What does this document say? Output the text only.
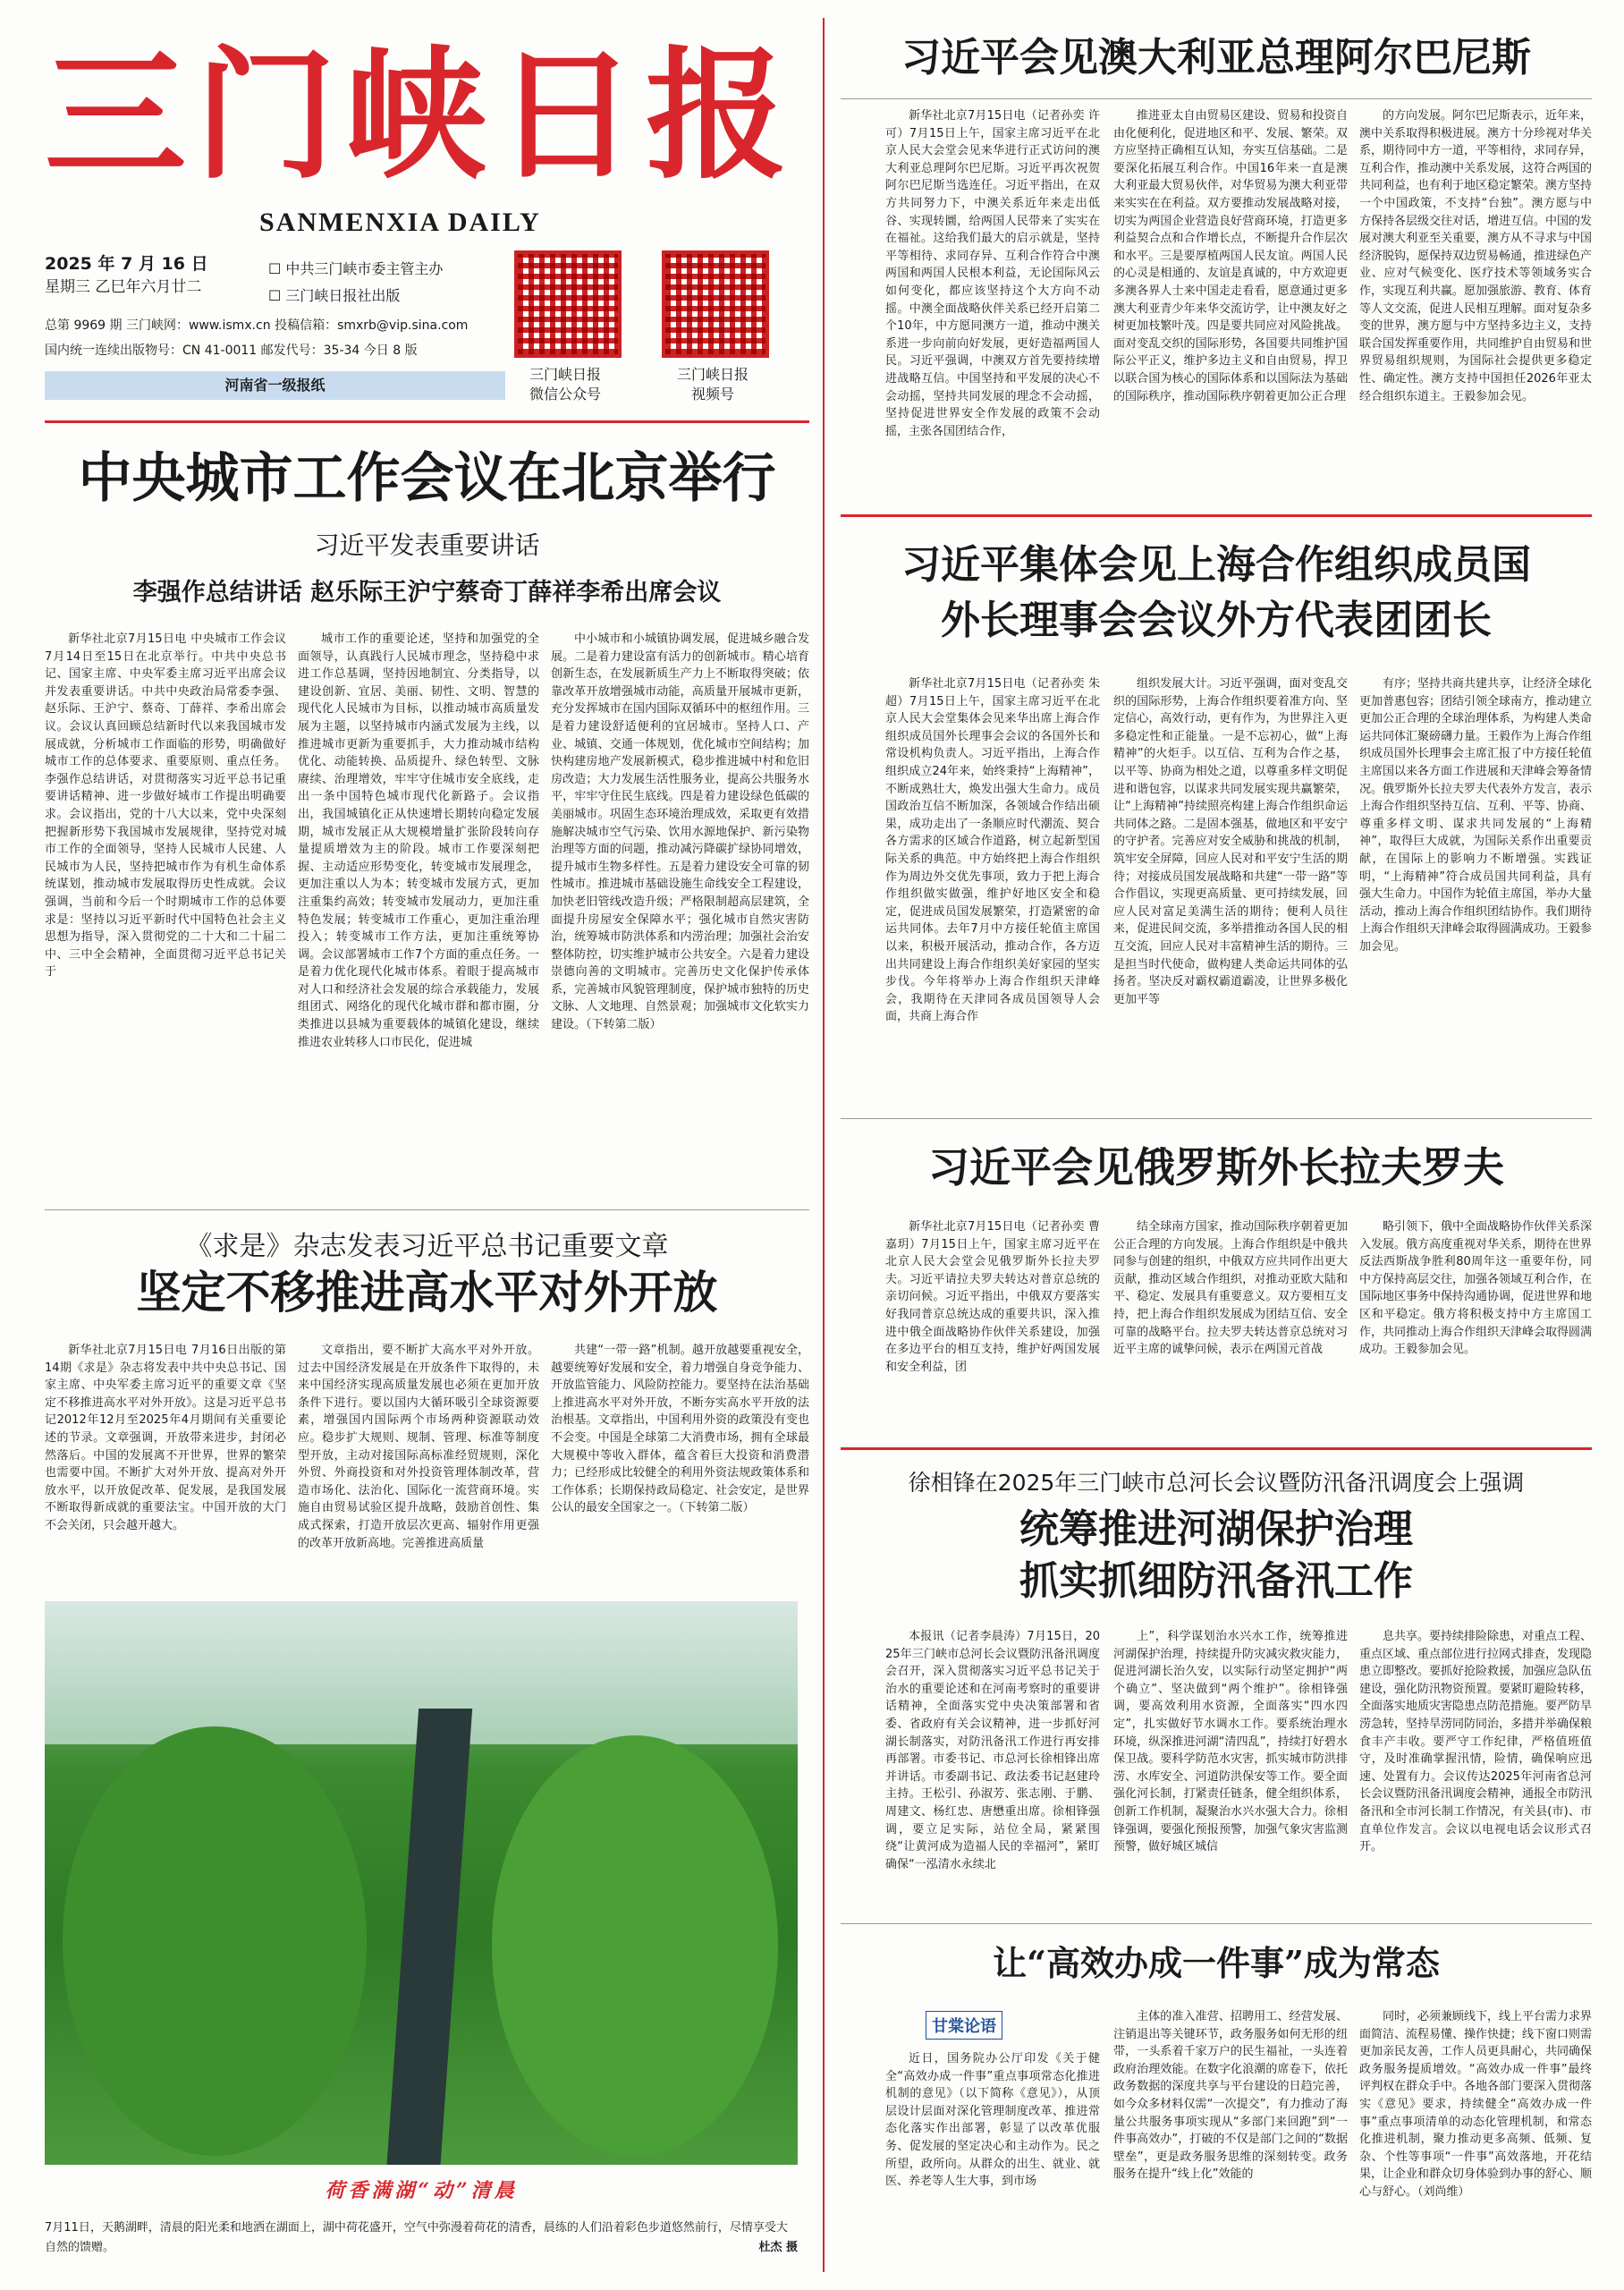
三门峡日报
SANMENXIA DAILY
2025 年 7 月 16 日
星期三 乙巳年六月廿二
☐ 中共三门峡市委主管主办
☐ 三门峡日报社出版
总第 9969 期 三门峡网：www.ismx.cn 投稿信箱：smxrb@vip.sina.com
国内统一连续出版物号：CN 41-0011 邮发代号：35-34 今日 8 版
河南省一级报纸
三门峡日报
微信公众号
三门峡日报
视频号
中央城市工作会议在北京举行
习近平发表重要讲话
李强作总结讲话 赵乐际王沪宁蔡奇丁薛祥李希出席会议

新华社北京7月15日电 中央城市工作会议7月14日至15日在北京举行。中共中央总书记、国家主席、中央军委主席习近平出席会议并发表重要讲话。中共中央政治局常委李强、赵乐际、王沪宁、蔡奇、丁薛祥、李希出席会议。会议认真回顾总结新时代以来我国城市发展成就，分析城市工作面临的形势，明确做好城市工作的总体要求、重要原则、重点任务。李强作总结讲话，对贯彻落实习近平总书记重要讲话精神、进一步做好城市工作提出明确要求。会议指出，党的十八大以来，党中央深刻把握新形势下我国城市发展规律，坚持党对城市工作的全面领导，坚持人民城市人民建、人民城市为人民，坚持把城市作为有机生命体系统谋划，推动城市发展取得历史性成就。会议强调，当前和今后一个时期城市工作的总体要求是：坚持以习近平新时代中国特色社会主义思想为指导，深入贯彻党的二十大和二十届二中、三中全会精神，全面贯彻习近平总书记关于

城市工作的重要论述，坚持和加强党的全面领导，认真践行人民城市理念，坚持稳中求进工作总基调，坚持因地制宜、分类指导，以建设创新、宜居、美丽、韧性、文明、智慧的现代化人民城市为目标，以推动城市高质量发展为主题，以坚持城市内涵式发展为主线，以推进城市更新为重要抓手，大力推动城市结构优化、动能转换、品质提升、绿色转型、文脉赓续、治理增效，牢牢守住城市安全底线，走出一条中国特色城市现代化新路子。会议指出，我国城镇化正从快速增长期转向稳定发展期，城市发展正从大规模增量扩张阶段转向存量提质增效为主的阶段。城市工作要深刻把握、主动适应形势变化，转变城市发展理念，更加注重以人为本；转变城市发展方式，更加注重集约高效；转变城市发展动力，更加注重特色发展；转变城市工作重心，更加注重治理投入；转变城市工作方法，更加注重统筹协调。会议部署城市工作7个方面的重点任务。一是着力优化现代化城市体系。着眼于提高城市对人口和经济社会发展的综合承载能力，发展组团式、网络化的现代化城市群和都市圈，分类推进以县城为重要载体的城镇化建设，继续推进农业转移人口市民化，促进城

中小城市和小城镇协调发展，促进城乡融合发展。二是着力建设富有活力的创新城市。精心培育创新生态，在发展新质生产力上不断取得突破；依靠改革开放增强城市动能，高质量开展城市更新，充分发挥城市在国内国际双循环中的枢纽作用。三是着力建设舒适便利的宜居城市。坚持人口、产业、城镇、交通一体规划，优化城市空间结构；加快构建房地产发展新模式，稳步推进城中村和危旧房改造；大力发展生活性服务业，提高公共服务水平，牢牢守住民生底线。四是着力建设绿色低碳的美丽城市。巩固生态环境治理成效，采取更有效措施解决城市空气污染、饮用水源地保护、新污染物治理等方面的问题，推动减污降碳扩绿协同增效，提升城市生物多样性。五是着力建设安全可靠的韧性城市。推进城市基础设施生命线安全工程建设，加快老旧管线改造升级；严格限制超高层建筑，全面提升房屋安全保障水平；强化城市自然灾害防治，统筹城市防洪体系和内涝治理；加强社会治安整体防控，切实维护城市公共安全。六是着力建设崇德向善的文明城市。完善历史文化保护传承体系，完善城市风貌管理制度，保护城市独特的历史文脉、人文地理、自然景观；加强城市文化软实力建设。（下转第二版）

《求是》杂志发表习近平总书记重要文章
坚定不移推进高水平对外开放

新华社北京7月15日电 7月16日出版的第14期《求是》杂志将发表中共中央总书记、国家主席、中央军委主席习近平的重要文章《坚定不移推进高水平对外开放》。这是习近平总书记2012年12月至2025年4月期间有关重要论述的节录。文章强调，开放带来进步，封闭必然落后。中国的发展离不开世界，世界的繁荣也需要中国。不断扩大对外开放、提高对外开放水平，以开放促改革、促发展，是我国发展不断取得新成就的重要法宝。中国开放的大门不会关闭，只会越开越大。

文章指出，要不断扩大高水平对外开放。过去中国经济发展是在开放条件下取得的，未来中国经济实现高质量发展也必须在更加开放条件下进行。要以国内大循环吸引全球资源要素，增强国内国际两个市场两种资源联动效应。稳步扩大规则、规制、管理、标准等制度型开放，主动对接国际高标准经贸规则，深化外贸、外商投资和对外投资管理体制改革，营造市场化、法治化、国际化一流营商环境。实施自由贸易试验区提升战略，鼓励首创性、集成式探索，打造开放层次更高、辐射作用更强的改革开放新高地。完善推进高质量

共建“一带一路”机制。越开放越要重视安全，越要统筹好发展和安全，着力增强自身竞争能力、开放监管能力、风险防控能力。要坚持在法治基础上推进高水平对外开放，不断夯实高水平开放的法治根基。文章指出，中国利用外资的政策没有变也不会变。中国是全球第二大消费市场，拥有全球最大规模中等收入群体，蕴含着巨大投资和消费潜力；已经形成比较健全的利用外资法规政策体系和工作体系；长期保持政局稳定、社会安定，是世界公认的最安全国家之一。（下转第二版）

荷香满湖“动”清晨
7月11日，天鹅湖畔，清晨的阳光柔和地洒在湖面上，湖中荷花盛开，空气中弥漫着荷花的清香，晨练的人们沿着彩色步道悠然前行，尽情享受大自然的馈赠。	杜杰 摄
习近平会见澳大利亚总理阿尔巴尼斯

新华社北京7月15日电（记者孙奕 许可）7月15日上午，国家主席习近平在北京人民大会堂会见来华进行正式访问的澳大利亚总理阿尔巴尼斯。习近平再次祝贺阿尔巴尼斯当选连任。习近平指出，在双方共同努力下，中澳关系近年来走出低谷、实现转圜，给两国人民带来了实实在在福祉。这给我们最大的启示就是，坚持平等相待、求同存异、互利合作符合中澳两国和两国人民根本利益，无论国际风云如何变化，都应该坚持这个大方向不动摇。中澳全面战略伙伴关系已经开启第二个10年，中方愿同澳方一道，推动中澳关系进一步向前向好发展，更好造福两国人民。习近平强调，中澳双方首先要持续增进战略互信。中国坚持和平发展的决心不会动摇，坚持共同发展的理念不会动摇，坚持促进世界安全作发展的政策不会动摇，主张各国团结合作，

推进亚太自由贸易区建设、贸易和投资自由化便利化，促进地区和平、发展、繁荣。双方应坚持正确相互认知，夯实互信基础。二是要深化拓展互利合作。中国16年来一直是澳大利亚最大贸易伙伴，对华贸易为澳大利亚带来实实在在利益。双方要推动发展战略对接，切实为两国企业营造良好营商环境，打造更多利益契合点和合作增长点，不断提升合作层次和水平。三是要厚植两国人民友谊。两国人民的心灵是相通的、友谊是真诚的，中方欢迎更多澳各界人士来中国走走看看，愿意通过更多澳大利亚青少年来华交流访学，让中澳友好之树更加枝繁叶茂。四是要共同应对风险挑战。面对变乱交织的国际形势，各国要共同维护国际公平正义，维护多边主义和自由贸易，捍卫以联合国为核心的国际体系和以国际法为基础的国际秩序，推动国际秩序朝着更加公正合理

的方向发展。阿尔巴尼斯表示，近年来，澳中关系取得积极进展。澳方十分珍视对华关系，期待同中方一道，平等相待，求同存异，互利合作，推动澳中关系发展，这符合两国的共同利益，也有利于地区稳定繁荣。澳方坚持一个中国政策，不支持“台独”。澳方愿与中方保持各层级交往对话，增进互信。中国的发展对澳大利亚至关重要，澳方从不寻求与中国经济脱钩，愿保持双边贸易畅通，推进绿色产业、应对气候变化、医疗技术等领域务实合作，实现互利共赢。愿加强旅游、教育、体育等人文交流，促进人民相互理解。面对复杂多变的世界，澳方愿与中方坚持多边主义，支持联合国发挥重要作用，共同维护自由贸易和世界贸易组织规则，为国际社会提供更多稳定性、确定性。澳方支持中国担任2026年亚太经合组织东道主。王毅参加会见。

习近平集体会见上海合作组织成员国
外长理事会会议外方代表团团长

新华社北京7月15日电（记者孙奕 朱超）7月15日上午，国家主席习近平在北京人民大会堂集体会见来华出席上海合作组织成员国外长理事会会议的各国外长和常设机构负责人。习近平指出，上海合作组织成立24年来，始终秉持“上海精神”，不断成熟壮大，焕发出强大生命力。成员国政治互信不断加深，各领域合作结出硕果，成功走出了一条顺应时代潮流、契合各方需求的区域合作道路，树立起新型国际关系的典范。中方始终把上海合作组织作为周边外交优先事项，致力于把上海合作组织做实做强，维护好地区安全和稳定，促进成员国发展繁荣，打造紧密的命运共同体。去年7月中方接任轮值主席国以来，积极开展活动，推动合作，各方迈出共同建设上海合作组织美好家园的坚实步伐。今年将举办上海合作组织天津峰会，我期待在天津同各成员国领导人会面，共商上海合作

组织发展大计。习近平强调，面对变乱交织的国际形势，上海合作组织要着准方向、坚定信心，高效行动，更有作为，为世界注入更多稳定性和正能量。一是不忘初心，做“上海精神”的火炬手。以互信、互利为合作之基，以平等、协商为相处之道，以尊重多样文明促进和谐包容，以谋求共同发展实现共赢繁荣，让“上海精神”持续照亮构建上海合作组织命运共同体之路。二是固本强基，做地区和平安宁的守护者。完善应对安全威胁和挑战的机制，筑牢安全屏障，回应人民对和平安宁生活的期待；对接成员国发展战略和共建“一带一路”等合作倡议，实现更高质量、更可持续发展，回应人民对富足美满生活的期待；便利人员往来，促进民间交流，多举措推动各国人民的相互交流，回应人民对丰富精神生活的期待。三是担当时代使命，做构建人类命运共同体的弘扬者。坚决反对霸权霸道霸凌，让世界多极化更加平等

有序；坚持共商共建共享，让经济全球化更加普惠包容；团结引领全球南方，推动建立更加公正合理的全球治理体系，为构建人类命运共同体汇聚磅礴力量。王毅作为上海合作组织成员国外长理事会主席汇报了中方接任轮值主席国以来各方面工作进展和天津峰会筹备情况。俄罗斯外长拉夫罗夫代表外方发言，表示上海合作组织坚持互信、互利、平等、协商、尊重多样文明、谋求共同发展的“上海精神”，取得巨大成就，为国际关系作出重要贡献，在国际上的影响力不断增强。实践证明，“上海精神”符合成员国共同利益，具有强大生命力。中国作为轮值主席国，举办大量活动，推动上海合作组织团结协作。我们期待上海合作组织天津峰会取得圆满成功。王毅参加会见。

习近平会见俄罗斯外长拉夫罗夫

新华社北京7月15日电（记者孙奕 曹嘉玥）7月15日上午，国家主席习近平在北京人民大会堂会见俄罗斯外长拉夫罗夫。习近平请拉夫罗夫转达对普京总统的亲切问候。习近平指出，中俄双方要落实好我同普京总统达成的重要共识，深入推进中俄全面战略协作伙伴关系建设，加强在多边平台的相互支持，维护好两国发展和安全利益，团

结全球南方国家，推动国际秩序朝着更加公正合理的方向发展。上海合作组织是中俄共同参与创建的组织，中俄双方应共同作出更大贡献，推动区域合作组织，对推动亚欧大陆和平、稳定、发展具有重要意义。双方要相互支持，把上海合作组织发展成为团结互信、安全可靠的战略平台。拉夫罗夫转达普京总统对习近平主席的诚挚问候，表示在两国元首战

略引领下，俄中全面战略协作伙伴关系深入发展。俄方高度重视对华关系，期待在世界反法西斯战争胜利80周年这一重要年份，同中方保持高层交往，加强各领域互利合作，在国际地区事务中保持沟通协调，促进世界和地区和平稳定。俄方将积极支持中方主席国工作，共同推动上海合作组织天津峰会取得圆满成功。王毅参加会见。

徐相锋在2025年三门峡市总河长会议暨防汛备汛调度会上强调
统筹推进河湖保护治理
抓实抓细防汛备汛工作

本报讯（记者李晨涛）7月15日，2025年三门峡市总河长会议暨防汛备汛调度会召开，深入贯彻落实习近平总书记关于治水的重要论述和在河南考察时的重要讲话精神，全面落实党中央决策部署和省委、省政府有关会议精神，进一步抓好河湖长制落实，对防汛备汛工作进行再安排再部署。市委书记、市总河长徐相锋出席并讲话。市委副书记、政法委书记赵建玲主持。王松引、孙淑芳、张志刚、于鹏、周建文、杨红忠、唐懋重出席。徐相锋强调，要立足实际，站位全局，紧紧围绕“让黄河成为造福人民的幸福河”，紧盯确保“一泓清水永续北

上”，科学谋划治水兴水工作，统筹推进河湖保护治理，持续提升防灾减灾救灾能力，促进河湖长治久安，以实际行动坚定拥护“两个确立”、坚决做到“两个维护”。徐相锋强调，要高效利用水资源，全面落实“四水四定”，扎实做好节水调水工作。要系统治理水环境，纵深推进河湖“清四乱”，持续打好碧水保卫战。要科学防范水灾害，抓实城市防洪排涝、水库安全、河道防洪保安等工作。要全面强化河长制，打紧责任链条，健全组织体系，创新工作机制，凝聚治水兴水强大合力。徐相锋强调，要强化预报预警，加强气象灾害监测预警，做好城区城信

息共享。要持续排险除患，对重点工程、重点区域、重点部位进行拉网式排查，发现隐患立即整改。要抓好抢险救援，加强应急队伍建设，强化防汛物资预置。要紧盯避险转移，全面落实地质灾害隐患点防范措施。要严防旱涝急转，坚持旱涝同防同治，多措并举确保粮食丰产丰收。要严守工作纪律，严格值班值守，及时准确掌握汛情，险情，确保响应迅速、处置有力。会议传达2025年河南省总河长会议暨防汛备汛调度会精神，通报全市防汛备汛和全市河长制工作情况，有关县(市)、市直单位作发言。会议以电视电话会议形式召开。

让“高效办成一件事”成为常态
甘棠论语

近日，国务院办公厅印发《关于健全“高效办成一件事”重点事项常态化推进机制的意见》（以下简称《意见》），从顶层设计层面对深化管理制度改革、推进常态化落实作出部署，彰显了以改革优服务、促发展的坚定决心和主动作为。民之所望，政所向。从群众的出生、就业、就医、养老等人生大事，到市场

主体的准入准营、招聘用工、经营发展、注销退出等关键环节，政务服务如何无形的纽带，一头系着千家万户的民生福祉，一头连着政府治理效能。在数字化浪潮的席卷下，依托政务数据的深度共享与平台建设的日趋完善，如今众多材料仅需“一次提交”，有力推动了海量公共服务事项实现从“多部门来回跑”到“一件事高效办”，打破的不仅是部门之间的“数据壁垒”，更是政务服务思维的深刻转变。政务服务在提升“线上化”效能的

同时，必须兼顾线下，线上平台需力求界面简洁、流程易懂、操作快捷；线下窗口则需更加亲民友善，工作人员更具耐心，共同确保政务服务提质增效。“高效办成一件事”最终评判权在群众手中。各地各部门要深入贯彻落实《意见》要求，持续健全“高效办成一件事”重点事项清单的动态化管理机制，和常态化推进机制，聚力推动更多高频、低频、复杂、个性等事项“一件事”高效落地，开花结果，让企业和群众切身体验到办事的舒心、顺心与舒心。（刘尚维）
